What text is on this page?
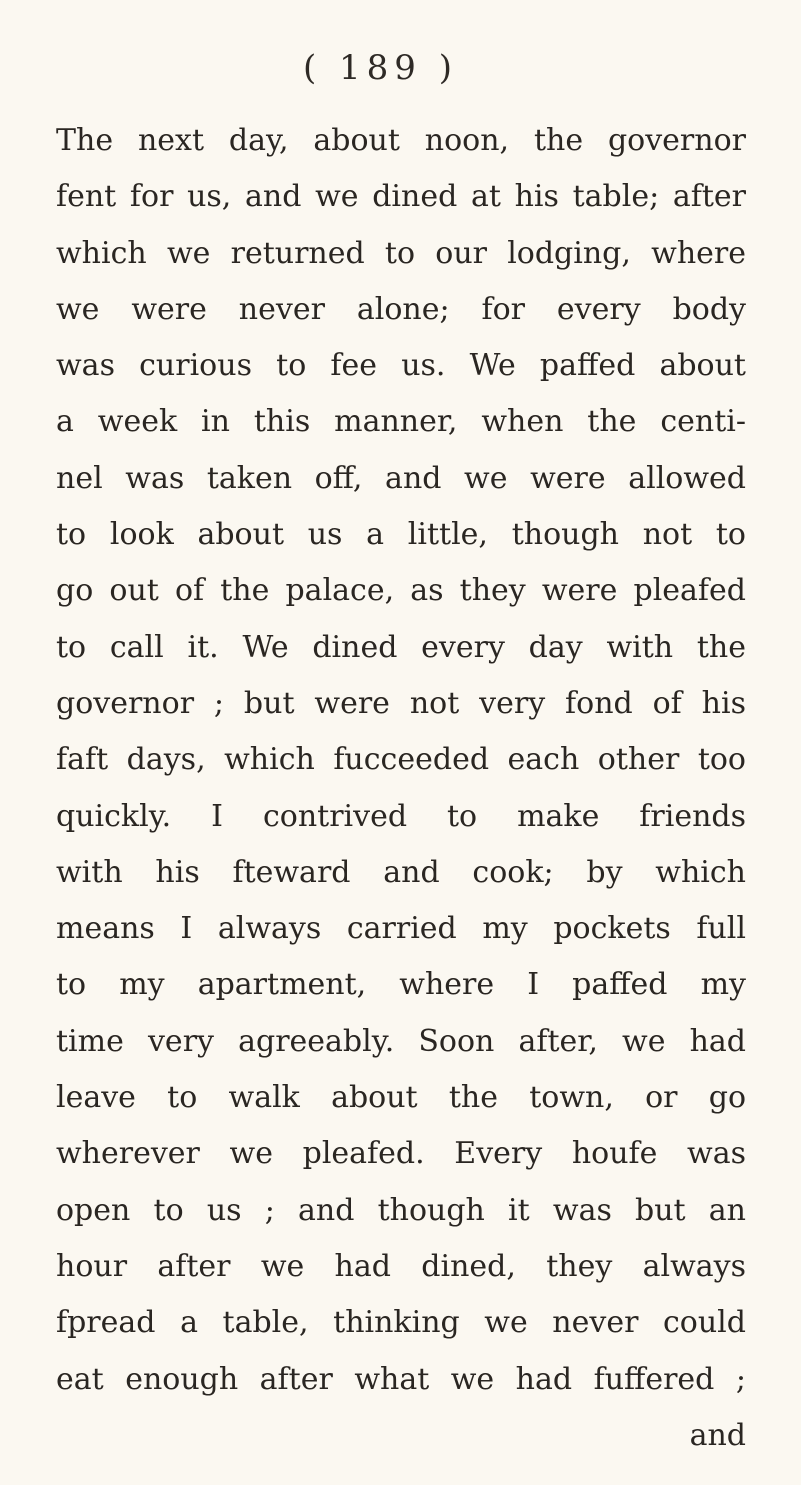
( 189 )
The next day, about noon, the governor
fent for us, and we dined at his table; after
which we returned to our lodging, where
we were never alone; for every body
was curious to fee us. We paffed about
a week in this manner, when the centi-
nel was taken off, and we were allowed
to look about us a little, though not to
go out of the palace, as they were pleafed
to call it. We dined every day with the
governor ; but were not very fond of his
faft days, which fucceeded each other too
quickly. I contrived to make friends
with his fteward and cook; by which
means I always carried my pockets full
to my apartment, where I paffed my
time very agreeably. Soon after, we had
leave to walk about the town, or go
wherever we pleafed. Every houfe was
open to us ; and though it was but an
hour after we had dined, they always
fpread a table, thinking we never could
eat enough after what we had fuffered ;
and
